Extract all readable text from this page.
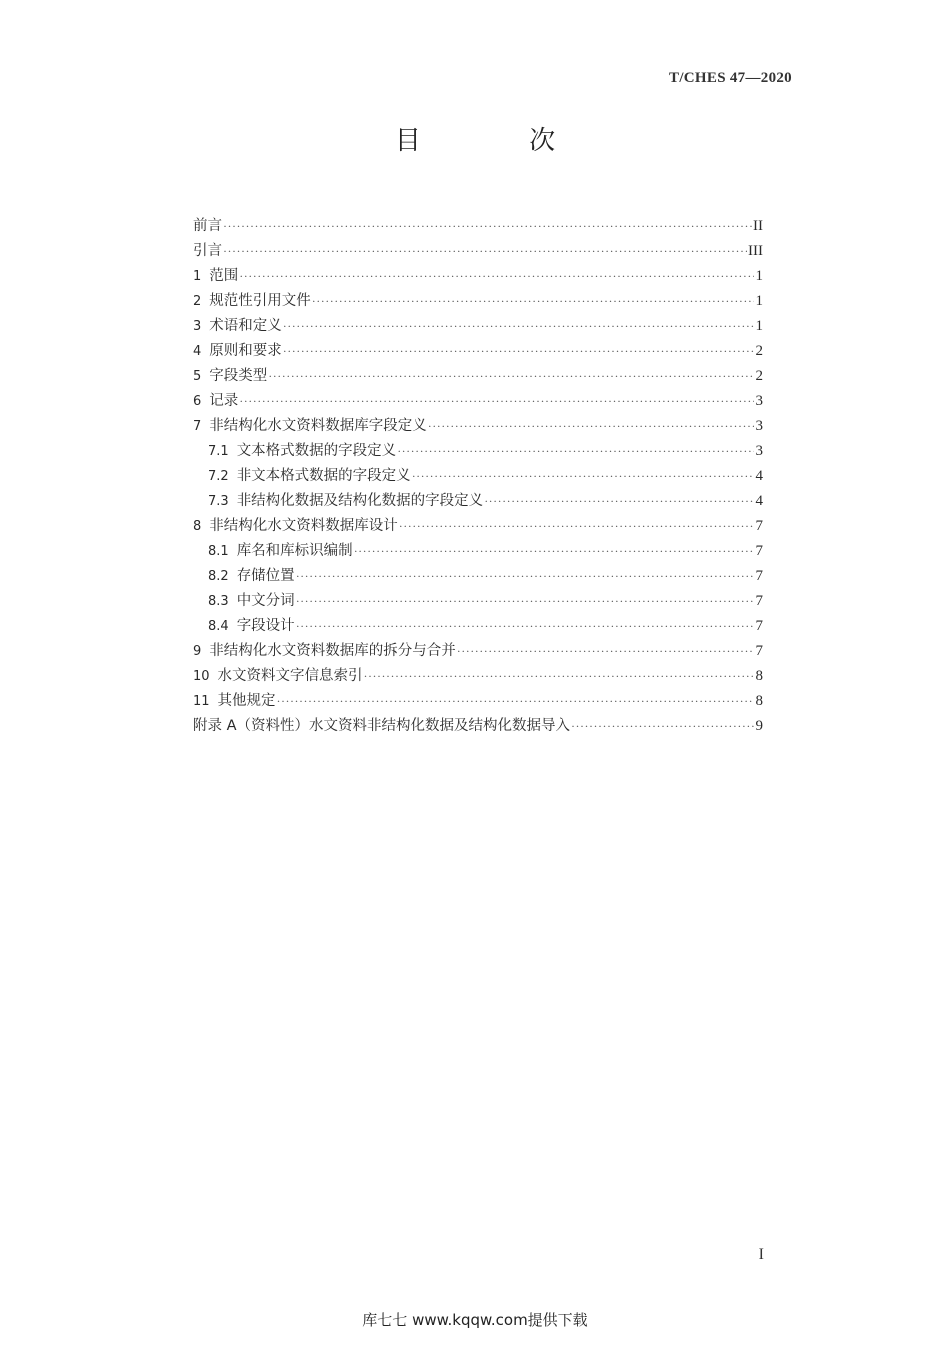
T/CHES 47—2020
目 次
前言 ·····	II
引言 ·····	III
1 范围 ·····	1
2 规范性引用文件 ·····	1
3 术语和定义 ·····	1
4 原则和要求 ·····	2
5 字段类型 ·····	2
6 记录 ·····	3
7 非结构化水文资料数据库字段定义 ·····	3
7.1 文本格式数据的字段定义 ·····	3
7.2 非文本格式数据的字段定义 ·····	4
7.3 非结构化数据及结构化数据的字段定义 ·····	4
8 非结构化水文资料数据库设计 ·····	7
8.1 库名和库标识编制 ·····	7
8.2 存储位置 ·····	7
8.3 中文分词 ·····	7
8.4 字段设计 ·····	7
9 非结构化水文资料数据库的拆分与合并 ·····	7
10 水文资料文字信息索引 ·····	8
11 其他规定 ·····	8
附录 A（资料性）水文资料非结构化数据及结构化数据导入 ·····	9
I
库七七 www.kqqw.com提供下载
